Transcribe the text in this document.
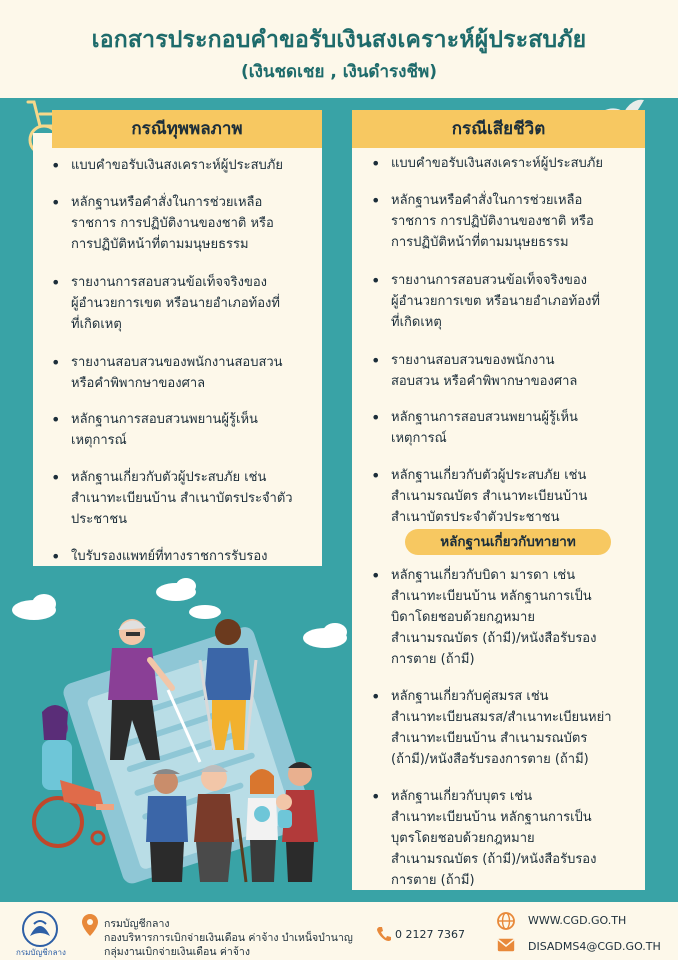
เอกสารประกอบคำขอรับเงินสงเคราะห์ผู้ประสบภัย
(เงินชดเชย , เงินดำรงชีพ)
กรณีทุพพลภาพ
• แบบคำขอรับเงินสงเคราะห์ผู้ประสบภัย
• หลักฐานหรือคำสั่งในการช่วยเหลือ
ราชการ การปฏิบัติงานของชาติ หรือ
การปฏิบัติหน้าที่ตามมนุษยธรรม
• รายงานการสอบสวนข้อเท็จจริงของ
ผู้อำนวยการเขต หรือนายอำเภอท้องที่
ที่เกิดเหตุ
• รายงานสอบสวนของพนักงานสอบสวน
หรือคำพิพากษาของศาล
• หลักฐานการสอบสวนพยานผู้รู้เห็น
เหตุการณ์
• หลักฐานเกี่ยวกับตัวผู้ประสบภัย เช่น
สำเนาทะเบียนบ้าน สำเนาบัตรประจำตัว
ประชาชน
• ใบรับรองแพทย์ที่ทางราชการรับรอง
กรณีเสียชีวิต
• แบบคำขอรับเงินสงเคราะห์ผู้ประสบภัย
• หลักฐานหรือคำสั่งในการช่วยเหลือ
ราชการ การปฏิบัติงานของชาติ หรือ
การปฏิบัติหน้าที่ตามมนุษยธรรม
• รายงานการสอบสวนข้อเท็จจริงของ
ผู้อำนวยการเขต หรือนายอำเภอท้องที่
ที่เกิดเหตุ
• รายงานสอบสวนของพนักงาน
สอบสวน หรือคำพิพากษาของศาล
• หลักฐานการสอบสวนพยานผู้รู้เห็น
เหตุการณ์
• หลักฐานเกี่ยวกับตัวผู้ประสบภัย เช่น
สำเนามรณบัตร สำเนาทะเบียนบ้าน
สำเนาบัตรประจำตัวประชาชน
หลักฐานเกี่ยวกับทายาท
• หลักฐานเกี่ยวกับบิดา มารดา เช่น
สำเนาทะเบียนบ้าน หลักฐานการเป็น
บิดาโดยชอบด้วยกฎหมาย
สำเนามรณบัตร (ถ้ามี)/หนังสือรับรอง
การตาย (ถ้ามี)
• หลักฐานเกี่ยวกับคู่สมรส เช่น
สำเนาทะเบียนสมรส/สำเนาทะเบียนหย่า
สำเนาทะเบียนบ้าน สำเนามรณบัตร
(ถ้ามี)/หนังสือรับรองการตาย (ถ้ามี)
• หลักฐานเกี่ยวกับบุตร เช่น
สำเนาทะเบียนบ้าน หลักฐานการเป็น
บุตรโดยชอบด้วยกฎหมาย
สำเนามรณบัตร (ถ้ามี)/หนังสือรับรอง
การตาย (ถ้ามี)
กรมบัญชีกลาง
กรมบัญชีกลาง
กองบริหารการเบิกจ่ายเงินเดือน ค่าจ้าง บำเหน็จบำนาญ
กลุ่มงานเบิกจ่ายเงินเดือน ค่าจ้าง
0 2127 7367
WWW.CGD.GO.TH
DISADMS4@CGD.GO.TH
